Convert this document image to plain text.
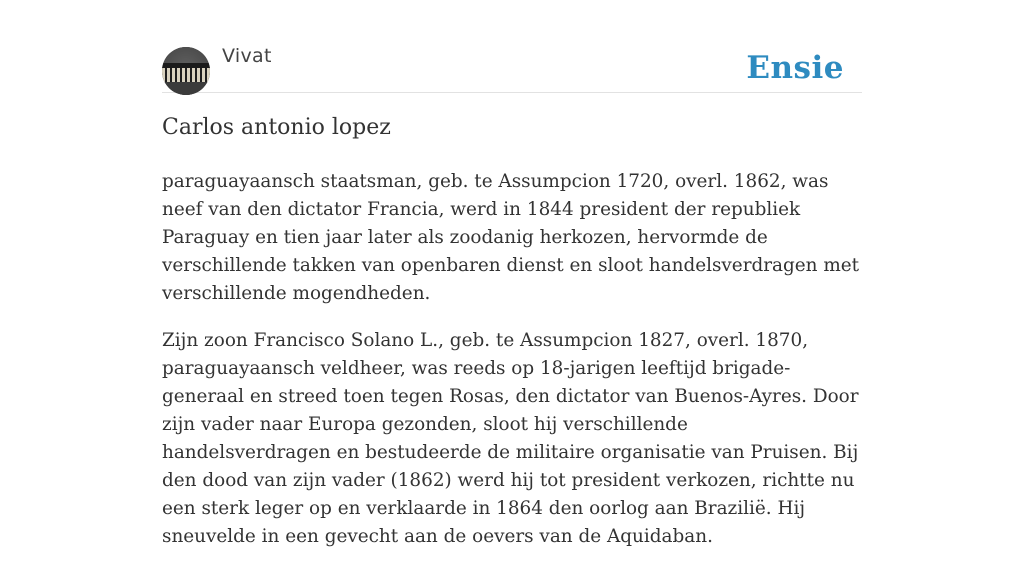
Vivat	Ensie
Carlos antonio lopez

paraguayaansch staatsman, geb. te Assumpcion 1720, overl. 1862, was neef van den dictator Francia, werd in 1844 president der republiek Paraguay en tien jaar later als zoodanig herkozen, hervormde de verschillende takken van openbaren dienst en sloot handelsverdragen met verschillende mogendheden.

Zijn zoon Francisco Solano L., geb. te Assumpcion 1827, overl. 1870, paraguayaansch veldheer, was reeds op 18-jarigen leeftijd brigade-generaal en streed toen tegen Rosas, den dictator van Buenos-Ayres. Door zijn vader naar Europa gezonden, sloot hij verschillende handelsverdragen en bestudeerde de militaire organisatie van Pruisen. Bij den dood van zijn vader (1862) werd hij tot president verkozen, richtte nu een sterk leger op en verklaarde in 1864 den oorlog aan Brazilië. Hij sneuvelde in een gevecht aan de oevers van de Aquidaban.
